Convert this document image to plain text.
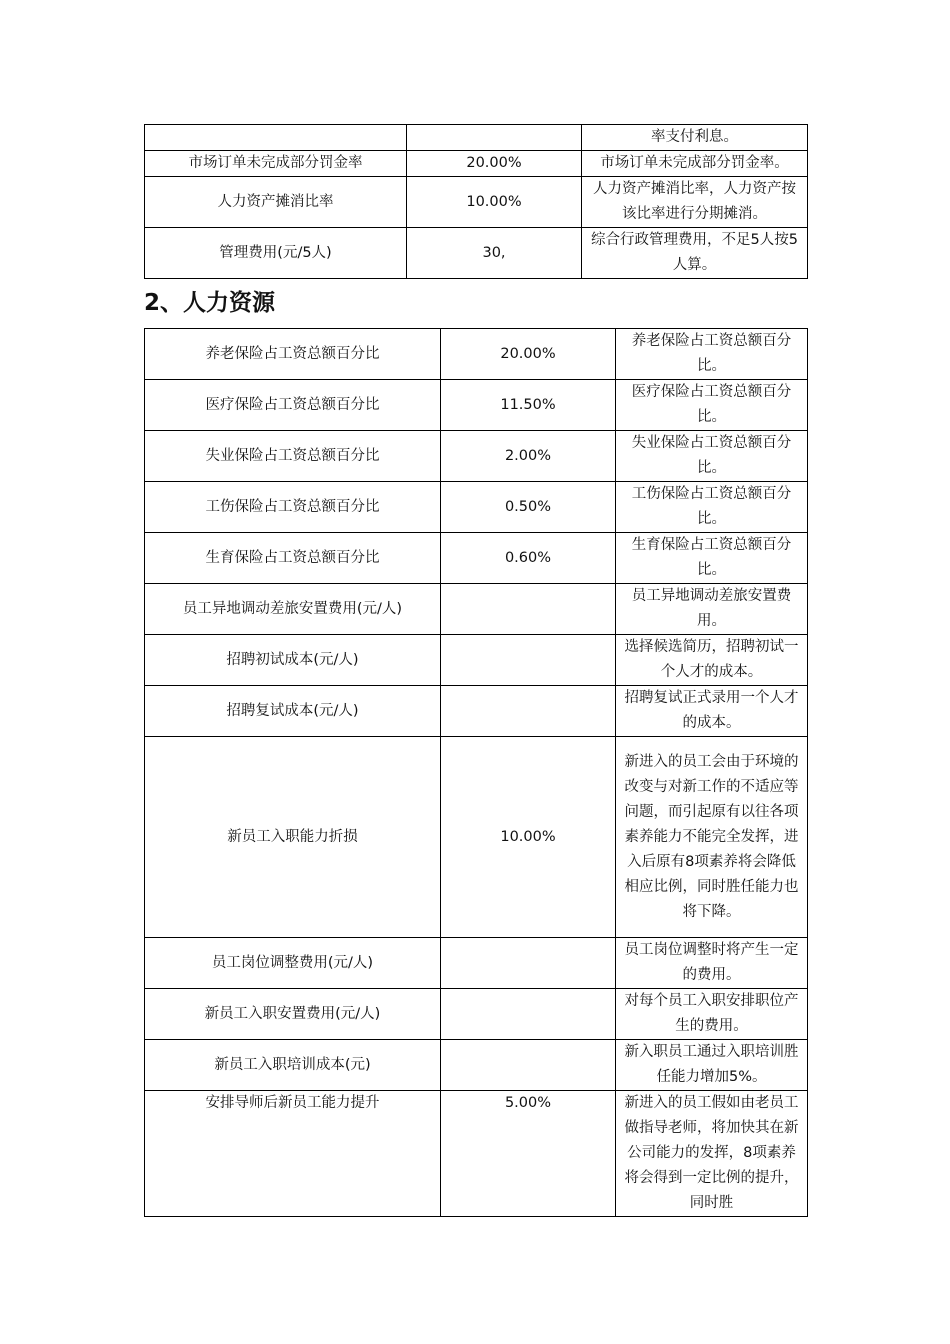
		率支付利息。
市场订单未完成部分罚金率	20.00%	市场订单未完成部分罚金率。
人力资产摊消比率	10.00%	人力资产摊消比率，人力资产按该比率进行分期摊消。
管理费用(元/5人)	30,	综合行政管理费用，不足5人按5人算。
2、人力资源
养老保险占工资总额百分比	20.00%	养老保险占工资总额百分比。
医疗保险占工资总额百分比	11.50%	医疗保险占工资总额百分比。
失业保险占工资总额百分比	2.00%	失业保险占工资总额百分比。
工伤保险占工资总额百分比	0.50%	工伤保险占工资总额百分比。
生育保险占工资总额百分比	0.60%	生育保险占工资总额百分比。
员工异地调动差旅安置费用(元/人)		员工异地调动差旅安置费用。
招聘初试成本(元/人)		选择候选简历，招聘初试一个人才的成本。
招聘复试成本(元/人)		招聘复试正式录用一个人才的成本。
新员工入职能力折损	10.00%	新进入的员工会由于环境的改变与对新工作的不适应等问题，而引起原有以往各项素养能力不能完全发挥，进入后原有8项素养将会降低相应比例，同时胜任能力也将下降。
员工岗位调整费用(元/人)		员工岗位调整时将产生一定的费用。
新员工入职安置费用(元/人)		对每个员工入职安排职位产生的费用。
新员工入职培训成本(元)		新入职员工通过入职培训胜任能力增加5%。
安排导师后新员工能力提升	5.00%	新进入的员工假如由老员工做指导老师，将加快其在新公司能力的发挥，8项素养将会得到一定比例的提升，同时胜
